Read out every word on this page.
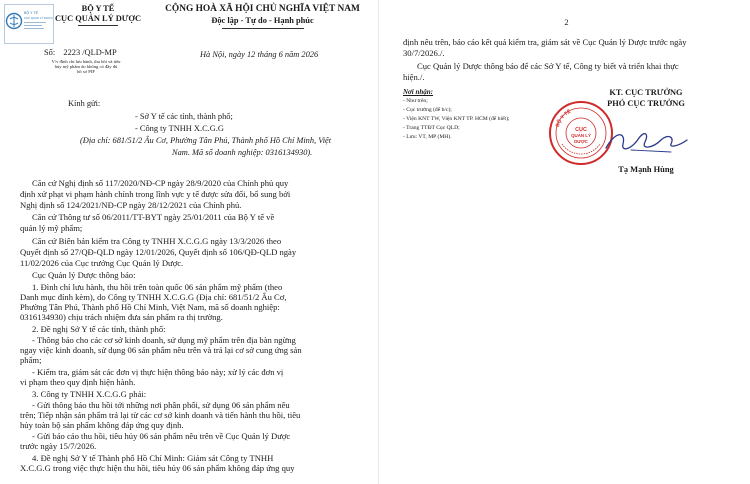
BỘ Y TẾ
CỤC QUẢN LÝ DƯỢC
BỘ Y TẾ
CỤC QUẢN LÝ DƯỢC
CỘNG HOÀ XÃ HỘI CHỦ NGHĨA VIỆT NAM
Độc lập - Tự do - Hạnh phúc
Số: 2223 /QLD-MP
V/v đình chỉ lưu hành, thu hồi và tiêu
hủy mỹ phẩm do không có đầy đủ
hồ sơ PIF
Hà Nội, ngày 12 tháng 6 năm 2026
Kính gửi:
- Sở Y tế các tỉnh, thành phố;
- Công ty TNHH X.C.G.G
(Địa chỉ: 681/51/2 Âu Cơ, Phường Tân Phú, Thành phố Hồ Chí Minh, Việt
Nam. Mã số doanh nghiệp: 0316134930).
Căn cứ Nghị định số 117/2020/NĐ-CP ngày 28/9/2020 của Chính phủ quy
định xử phạt vi phạm hành chính trong lĩnh vực y tế được sửa đổi, bổ sung bởi
Nghị định số 124/2021/NĐ-CP ngày 28/12/2021 của Chính phủ.
Căn cứ Thông tư số 06/2011/TT-BYT ngày 25/01/2011 của Bộ Y tế về
quản lý mỹ phẩm;
Căn cứ Biên bản kiểm tra Công ty TNHH X.C.G.G ngày 13/3/2026 theo
Quyết định số 27/QĐ-QLD ngày 12/01/2026, Quyết định số 106/QĐ-QLD ngày
11/02/2026 của Cục trưởng Cục Quản lý Dược.
Cục Quản lý Dược thông báo:
1. Đình chỉ lưu hành, thu hồi trên toàn quốc 06 sản phẩm mỹ phẩm (theo
Danh mục đính kèm), do Công ty TNHH X.C.G.G (Địa chỉ: 681/51/2 Âu Cơ,
Phường Tân Phú, Thành phố Hồ Chí Minh, Việt Nam, mã số doanh nghiệp:
0316134930) chịu trách nhiệm đưa sản phẩm ra thị trường.
2. Đề nghị Sở Y tế các tỉnh, thành phố:
- Thông báo cho các cơ sở kinh doanh, sử dụng mỹ phẩm trên địa bàn ngừng
ngay việc kinh doanh, sử dụng 06 sản phẩm nêu trên và trả lại cơ sở cung ứng sản
phẩm;
- Kiểm tra, giám sát các đơn vị thực hiện thông báo này; xử lý các đơn vị
vi phạm theo quy định hiện hành.
3. Công ty TNHH X.C.G.G phải:
- Gửi thông báo thu hồi tới những nơi phân phối, sử dụng 06 sản phẩm nêu
trên; Tiếp nhận sản phẩm trả lại từ các cơ sở kinh doanh và tiến hành thu hồi, tiêu
hủy toàn bộ sản phẩm không đáp ứng quy định.
- Gửi báo cáo thu hồi, tiêu hủy 06 sản phẩm nêu trên về Cục Quản lý Dược
trước ngày 15/7/2026.
4. Đề nghị Sở Y tế Thành phố Hồ Chí Minh: Giám sát Công ty TNHH
X.C.G.G trong việc thực hiện thu hồi, tiêu hủy 06 sản phẩm không đáp ứng quy
2
định nêu trên, báo cáo kết quả kiểm tra, giám sát về Cục Quản lý Dược trước ngày
30/7/2026./.
Cục Quản lý Dược thông báo để các Sở Y tế, Công ty biết và triển khai thực
hiện./.
Nơi nhận:
- Như trên;
- Cục trưởng (để b/c);
- Viện KNT TW, Viện KNT TP. HCM (để biết);
- Trang TTĐT Cục QLD;
- Lưu: VT, MP (MH).
KT. CỤC TRƯỞNG
PHÓ CỤC TRƯỞNG
BỘ Y TẾ
CỤC
QUẢN LÝ
DƯỢC
Tạ Mạnh Hùng
